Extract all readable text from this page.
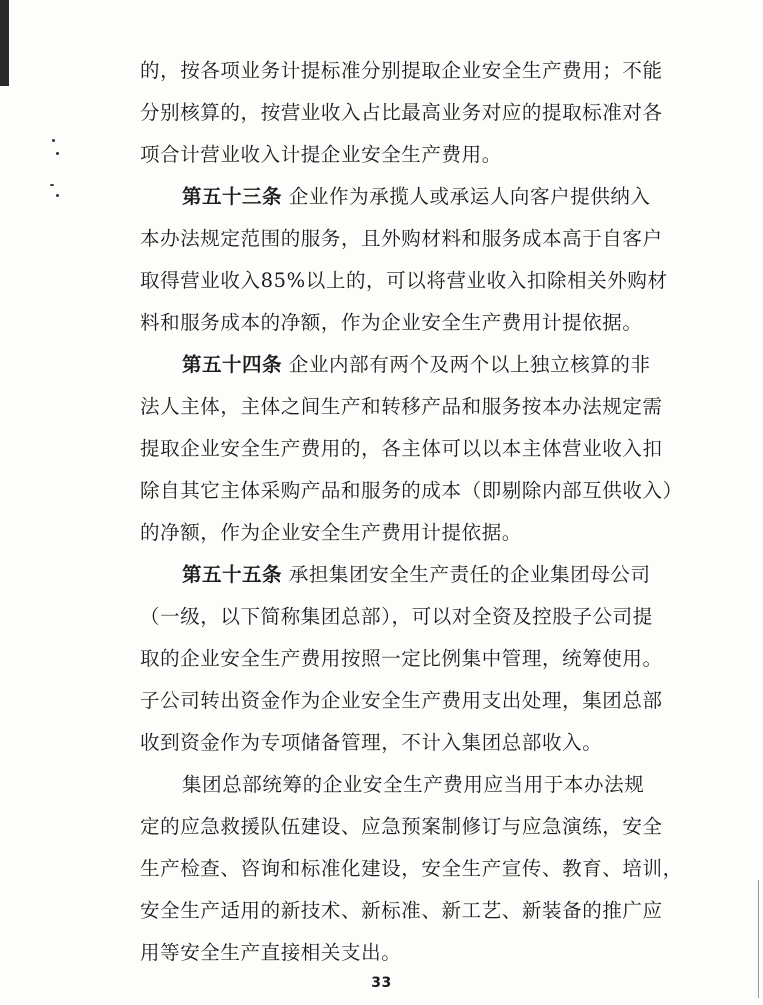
的，按各项业务计提标准分别提取企业安全生产费用；不能
分别核算的，按营业收入占比最高业务对应的提取标准对各
项合计营业收入计提企业安全生产费用。
第五十三条 企业作为承揽人或承运人向客户提供纳入
本办法规定范围的服务，且外购材料和服务成本高于自客户
取得营业收入85%以上的，可以将营业收入扣除相关外购材
料和服务成本的净额，作为企业安全生产费用计提依据。
第五十四条 企业内部有两个及两个以上独立核算的非
法人主体，主体之间生产和转移产品和服务按本办法规定需
提取企业安全生产费用的，各主体可以以本主体营业收入扣
除自其它主体采购产品和服务的成本（即剔除内部互供收入）
的净额，作为企业安全生产费用计提依据。
第五十五条 承担集团安全生产责任的企业集团母公司
（一级，以下简称集团总部），可以对全资及控股子公司提
取的企业安全生产费用按照一定比例集中管理，统筹使用。
子公司转出资金作为企业安全生产费用支出处理，集团总部
收到资金作为专项储备管理，不计入集团总部收入。
集团总部统筹的企业安全生产费用应当用于本办法规
定的应急救援队伍建设、应急预案制修订与应急演练，安全
生产检查、咨询和标准化建设，安全生产宣传、教育、培训，
安全生产适用的新技术、新标准、新工艺、新装备的推广应
用等安全生产直接相关支出。
33
